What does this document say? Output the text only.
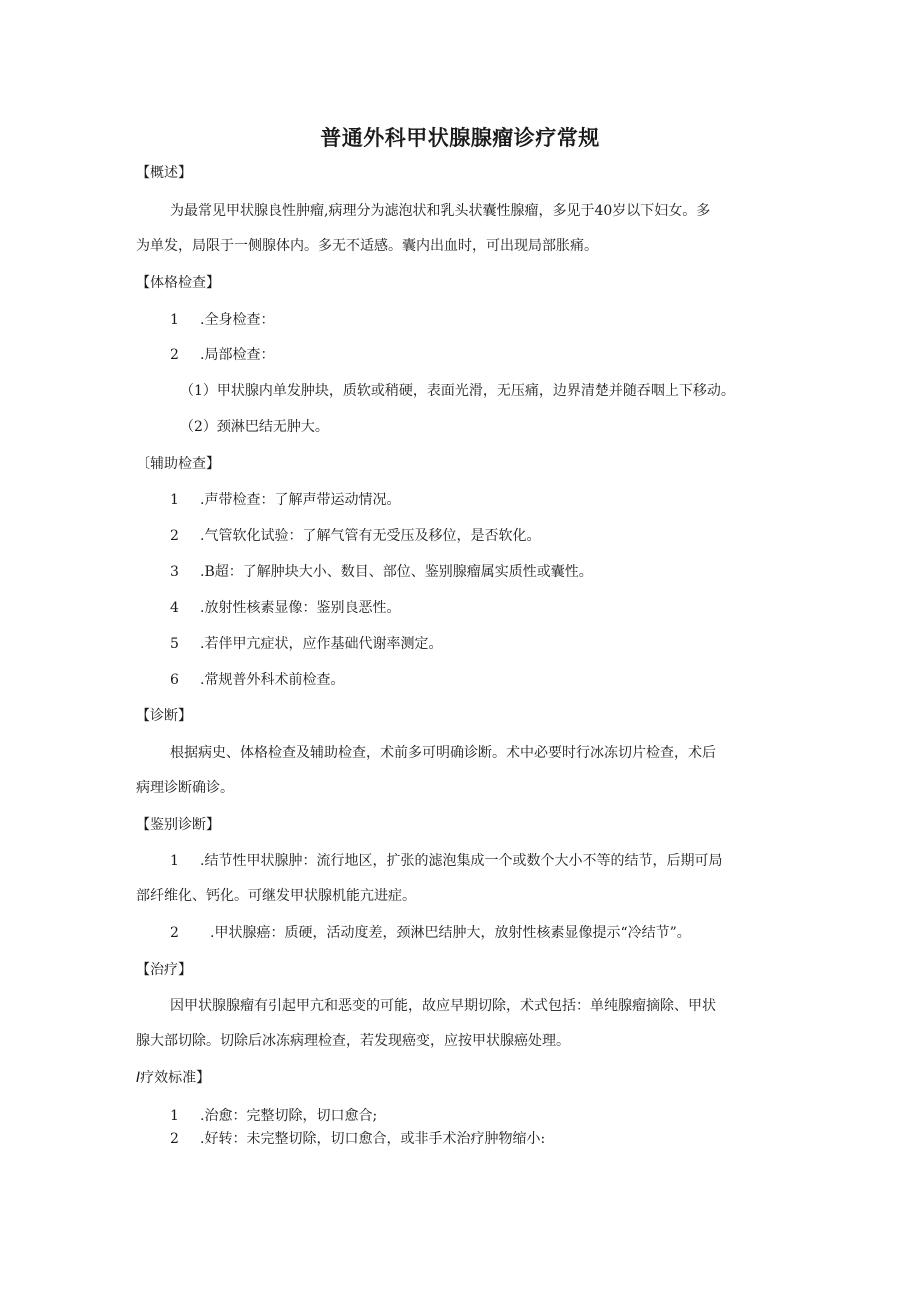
普通外科甲状腺腺瘤诊疗常规
【概述】
为最常见甲状腺良性肿瘤,病理分为滤泡状和乳头状囊性腺瘤，多见于40岁以下妇女。多
为单发，局限于一侧腺体内。多无不适感。囊内出血时，可出现局部胀痛。
【体格检查】
1 .全身检查：
2 .局部检查：
（1）甲状腺内单发肿块，质软或稍硬，表面光滑，无压痛，边界清楚并随吞咽上下移动。
（2）颈淋巴结无肿大。
〔辅助检查】
1 .声带检查：了解声带运动情况。
2 .气管软化试验：了解气管有无受压及移位，是否软化。
3 .B超：了解肿块大小、数目、部位、鉴别腺瘤属实质性或囊性。
4 .放射性核素显像：鉴别良恶性。
5 .若伴甲亢症状，应作基础代谢率测定。
6 .常规普外科术前检查。
【诊断】
根据病史、体格检查及辅助检查，术前多可明确诊断。术中必要时行冰冻切片检查，术后
病理诊断确诊。
【鉴别诊断】
1 .结节性甲状腺肿：流行地区，扩张的滤泡集成一个或数个大小不等的结节，后期可局
部纤维化、钙化。可继发甲状腺机能亢进症。
2 .甲状腺癌：质硬，活动度差，颈淋巴结肿大，放射性核素显像提示“冷结节”。
【治疗】
因甲状腺腺瘤有引起甲亢和恶变的可能，故应早期切除，术式包括：单纯腺瘤摘除、甲状
腺大部切除。切除后冰冻病理检查，若发现癌变，应按甲状腺癌处理。
I疗效标准】
1 .治愈：完整切除，切口愈合;
2 .好转：未完整切除，切口愈合，或非手术治疗肿物缩小:
